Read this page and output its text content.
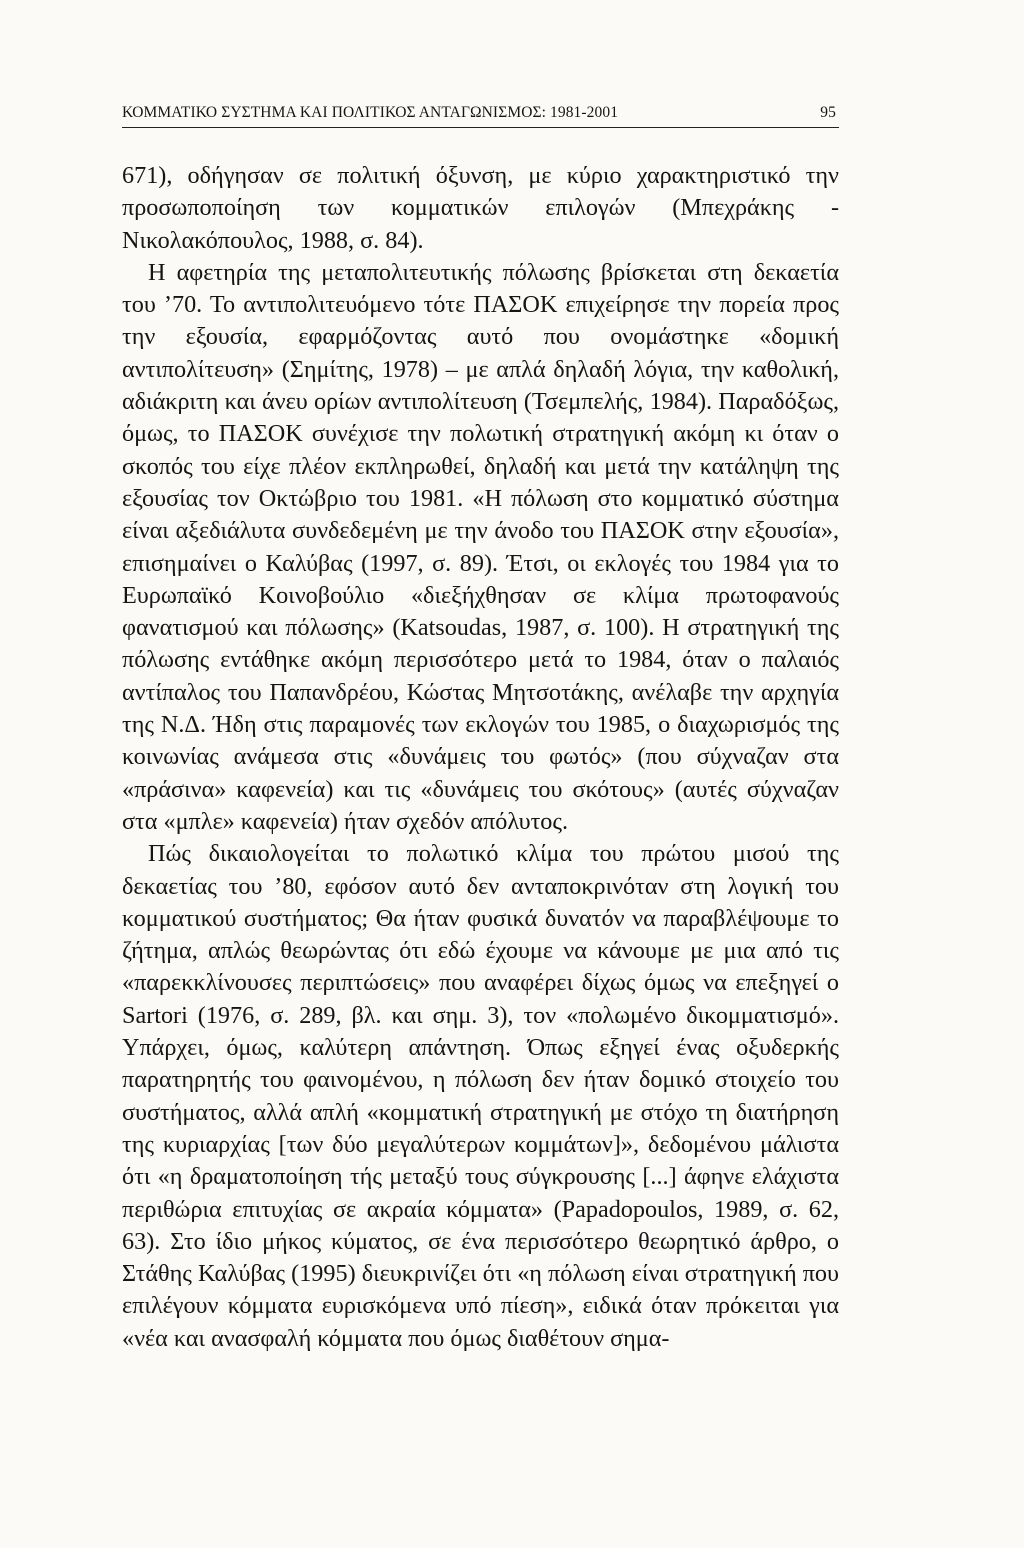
ΚΟΜΜΑΤΙΚΟ ΣΥΣΤΗΜΑ ΚΑΙ ΠΟΛΙΤΙΚΟΣ ΑΝΤΑΓΩΝΙΣΜΟΣ: 1981-2001	95

671), οδήγησαν σε πολιτική όξυνση, με κύριο χαρακτηριστικό την προσωποποίηση των κομματικών επιλογών (Μπεχράκης - Νικολακόπουλος, 1988, σ. 84).

Η αφετηρία της μεταπολιτευτικής πόλωσης βρίσκεται στη δεκαετία του ’70. Το αντιπολιτευόμενο τότε ΠΑΣΟΚ επιχείρησε την πορεία προς την εξουσία, εφαρμόζοντας αυτό που ονομάστηκε «δομική αντιπολίτευση» (Σημίτης, 1978) – με απλά δηλαδή λόγια, την καθολική, αδιάκριτη και άνευ ορίων αντιπολίτευση (Τσεμπελής, 1984). Παραδόξως, όμως, το ΠΑΣΟΚ συνέχισε την πολωτική στρατηγική ακόμη κι όταν ο σκοπός του είχε πλέον εκπληρωθεί, δηλαδή και μετά την κατάληψη της εξουσίας τον Οκτώβριο του 1981. «Η πόλωση στο κομματικό σύστημα είναι αξεδιάλυτα συνδεδεμένη με την άνοδο του ΠΑΣΟΚ στην εξουσία», επισημαίνει ο Καλύβας (1997, σ. 89). Έτσι, οι εκλογές του 1984 για το Ευρωπαϊκό Κοινοβούλιο «διεξήχθησαν σε κλίμα πρωτοφανούς φανατισμού και πόλωσης» (Katsoudas, 1987, σ. 100). Η στρατηγική της πόλωσης εντάθηκε ακόμη περισσότερο μετά το 1984, όταν ο παλαιός αντίπαλος του Παπανδρέου, Κώστας Μητσοτάκης, ανέλαβε την αρχηγία της Ν.Δ. Ήδη στις παραμονές των εκλογών του 1985, ο διαχωρισμός της κοινωνίας ανάμεσα στις «δυνάμεις του φωτός» (που σύχναζαν στα «πράσινα» καφενεία) και τις «δυνάμεις του σκότους» (αυτές σύχναζαν στα «μπλε» καφενεία) ήταν σχεδόν απόλυτος.

Πώς δικαιολογείται το πολωτικό κλίμα του πρώτου μισού της δεκαετίας του ’80, εφόσον αυτό δεν ανταποκρινόταν στη λογική του κομματικού συστήματος; Θα ήταν φυσικά δυνατόν να παραβλέψουμε το ζήτημα, απλώς θεωρώντας ότι εδώ έχουμε να κάνουμε με μια από τις «παρεκκλίνουσες περιπτώσεις» που αναφέρει δίχως όμως να επεξηγεί ο Sartori (1976, σ. 289, βλ. και σημ. 3), τον «πολωμένο δικομματισμό». Υπάρχει, όμως, καλύτερη απάντηση. Όπως εξηγεί ένας οξυδερκής παρατηρητής του φαινομένου, η πόλωση δεν ήταν δομικό στοιχείο του συστήματος, αλλά απλή «κομματική στρατηγική με στόχο τη διατήρηση της κυριαρχίας [των δύο μεγαλύτερων κομμάτων]», δεδομένου μάλιστα ότι «η δραματοποίηση τής μεταξύ τους σύγκρουσης [...] άφηνε ελάχιστα περιθώρια επιτυχίας σε ακραία κόμματα» (Papadopoulos, 1989, σ. 62, 63). Στο ίδιο μήκος κύματος, σε ένα περισσότερο θεωρητικό άρθρο, ο Στάθης Καλύβας (1995) διευκρινίζει ότι «η πόλωση είναι στρατηγική που επιλέγουν κόμματα ευρισκόμενα υπό πίεση», ειδικά όταν πρόκειται για «νέα και ανασφαλή κόμματα που όμως διαθέτουν σημα-
